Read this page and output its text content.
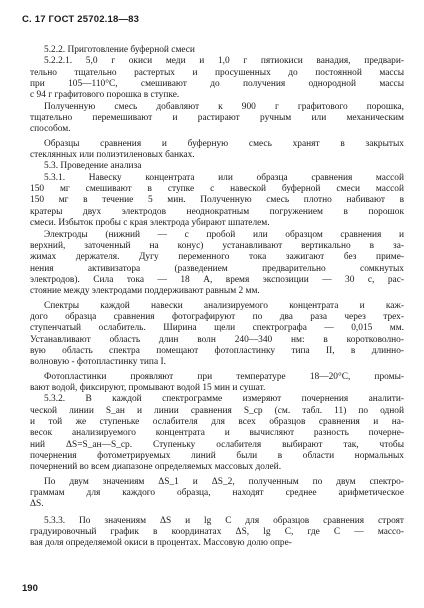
С. 17 ГОСТ 25702.18—83
5.2.2. Приготовление буферной смеси
5.2.2.1. 5,0 г окиси меди и 1,0 г пятиокиси ванадия, предвари-
тельно тщательно растертых и просушенных до постоянной массы
при 105—110°С, смешивают до получения однородной массы
с 94 г графитового порошка в ступке.
Полученную смесь добавляют к 900 г графитового порошка,
тщательно перемешивают и растирают ручным или механическим
способом.
Образцы сравнения и буферную смесь хранят в закрытых
стеклянных или полиэтиленовых банках.
5.3. Проведение анализа
5.3.1. Навеску концентрата или образца сравнения массой
150 мг смешивают в ступке с навеской буферной смеси массой
150 мг в течение 5 мин. Полученную смесь плотно набивают в
кратеры двух электродов неоднократным погружением в порошок
смеси. Избыток пробы с края электрода убирают шпателем.
Электроды (нижний — с пробой или образцом сравнения и
верхний, заточенный на конус) устанавливают вертикально в за-
жимах держателя. Дугу переменного тока зажигают без приме-
нения активизатора (разведением предварительно сомкнутых
электродов). Сила тока — 18 А, время экспозиции — 30 с, рас-
стояние между электродами поддерживают равным 2 мм.
Спектры каждой навески анализируемого концентрата и каж-
дого образца сравнения фотографируют по два раза через трех-
ступенчатый ослабитель. Ширина щели спектрографа — 0,015 мм.
Устанавливают область длин волн 240—340 нм: в коротковолно-
вую область спектра помещают фотопластинку типа II, в длинно-
волновую - фотопластинку типа I.
Фотопластинки проявляют при температуре 18—20°С, промы-
вают водой, фиксируют, промывают водой 15 мин и сушат.
5.3.2. В каждой спектрограмме измеряют почернения аналити-
ческой линии S_ан и линии сравнения S_ср (см. табл. 11) по одной
и той же ступеньке ослабителя для всех образцов сравнения и на-
весок анализируемого концентрата и вычисляют разность почерне-
ний ΔS=S_ан—S_ср. Ступеньку ослабителя выбирают так, чтобы
почернения фотометрируемых линий были в области нормальных
почернений во всем диапазоне определяемых массовых долей.
По двум значениям ΔS_1 и ΔS_2, полученным по двум спектро-
граммам для каждого образца, находят среднее арифметическое
ΔS.
5.3.3. По значениям ΔS и lg C для образцов сравнения строят
градуировочный график в координатах ΔS, lg C, где C — массо-
вая доля определяемой окиси в процентах. Массовую долю опре-
190
